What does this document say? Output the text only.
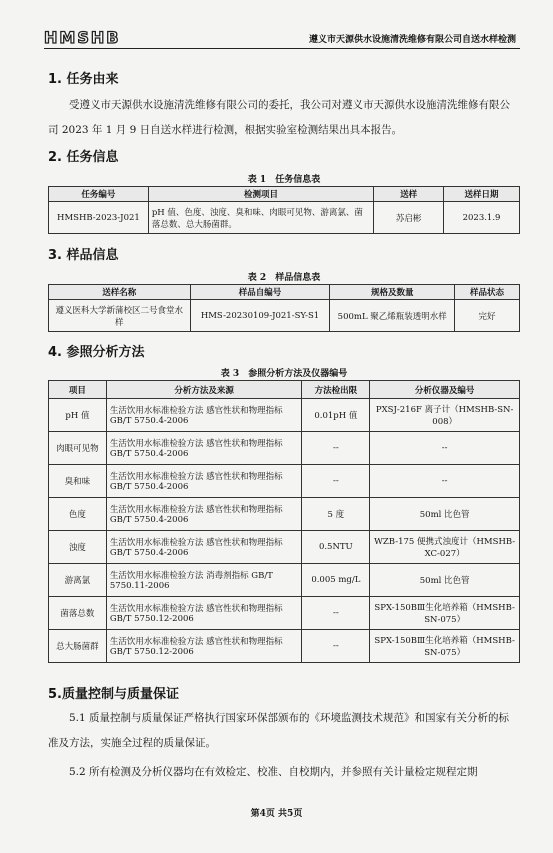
HMSHB	遵义市天源供水设施清洗维修有限公司自送水样检测
1. 任务由来

受遵义市天源供水设施清洗维修有限公司的委托，我公司对遵义市天源供水设施清洗维修有限公司 2023 年 1 月 9 日自送水样进行检测，根据实验室检测结果出具本报告。

2. 任务信息
表 1　任务信息表
任务编号	检测项目	送样	送样日期
HMSHB-2023-J021	pH 值、色度、浊度、臭和味、肉眼可见物、游离氯、菌落总数、总大肠菌群。	苏启彬	2023.1.9
3. 样品信息
表 2　样品信息表
送样名称	样品自编号	规格及数量	样品状态
遵义医科大学新蒲校区二号食堂水样	HMS-20230109-J021-SY-S1	500mL 聚乙烯瓶装透明水样	完好
4. 参照分析方法
表 3　参照分析方法及仪器编号
项目	分析方法及来源	方法检出限	分析仪器及编号
pH 值	生活饮用水标准检验方法 感官性状和物理指标 GB/T 5750.4-2006	0.01pH 值	PXSJ-216F 离子计（HMSHB-SN-008）
肉眼可见物	生活饮用水标准检验方法 感官性状和物理指标 GB/T 5750.4-2006	--	--
臭和味	生活饮用水标准检验方法 感官性状和物理指标 GB/T 5750.4-2006	--	--
色度	生活饮用水标准检验方法 感官性状和物理指标 GB/T 5750.4-2006	5 度	50ml 比色管
浊度	生活饮用水标准检验方法 感官性状和物理指标 GB/T 5750.4-2006	0.5NTU	WZB-175 便携式浊度计（HMSHB-XC-027）
游离氯	生活饮用水标准检验方法 消毒剂指标 GB/T 5750.11-2006	0.005 mg/L	50ml 比色管
菌落总数	生活饮用水标准检验方法 感官性状和物理指标 GB/T 5750.12-2006	--	SPX-150BⅢ生化培养箱（HMSHB-SN-075）
总大肠菌群	生活饮用水标准检验方法 感官性状和物理指标 GB/T 5750.12-2006	--	SPX-150BⅢ生化培养箱（HMSHB-SN-075）
5.质量控制与质量保证

5.1 质量控制与质量保证严格执行国家环保部颁布的《环境监测技术规范》和国家有关分析的标准及方法，实施全过程的质量保证。

5.2 所有检测及分析仪器均在有效检定、校准、自校期内，并参照有关计量检定规程定期

第4页 共5页
